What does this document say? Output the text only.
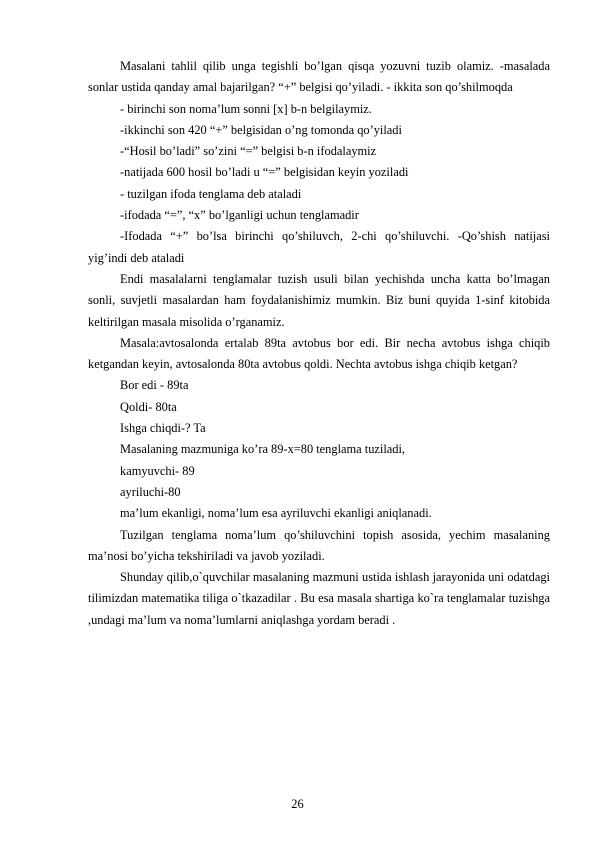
Masalani tahlil qilib unga tegishli bo’lgan qisqa yozuvni tuzib olamiz. -masalada sonlar ustida qanday amal bajarilgan? “+” belgisi qo’yiladi. - ikkita son qo’shilmoqda

- birinchi son noma’lum sonni [x] b-n belgilaymiz.

-ikkinchi son 420 “+” belgisidan o’ng tomonda qo’yiladi

-“Hosil bo’ladi” so’zini “=” belgisi b-n ifodalaymiz

-natijada 600 hosil bo’ladi u “=” belgisidan keyin yoziladi

- tuzilgan ifoda tenglama deb ataladi

-ifodada “=”, “x” bo’lganligi uchun tenglamadir

-Ifodada “+” bo’lsa birinchi qo’shiluvch, 2-chi qo’shiluvchi. -Qo’shish natijasi yig’indi deb ataladi

Endi masalalarni tenglamalar tuzish usuli bilan yechishda uncha katta bo’lmagan sonli, suvjetli masalardan ham foydalanishimiz mumkin. Biz buni quyida 1-sinf kitobida keltirilgan masala misolida o’rganamiz.

Masala:avtosalonda ertalab 89ta avtobus bor edi. Bir necha avtobus ishga chiqib ketgandan keyin, avtosalonda 80ta avtobus qoldi. Nechta avtobus ishga chiqib ketgan?

Bor edi - 89ta

Qoldi- 80ta

Ishga chiqdi-? Ta

Masalaning mazmuniga ko’ra 89-x=80 tenglama tuziladi,

kamyuvchi- 89

ayriluchi-80

ma’lum ekanligi, noma’lum esa ayriluvchi ekanligi aniqlanadi.

Tuzilgan tenglama noma’lum qo’shiluvchini topish asosida, yechim masalaning ma’nosi bo’yicha tekshiriladi va javob yoziladi.

Shunday qilib,o`quvchilar masalaning mazmuni ustida ishlash jarayonida uni odatdagi tilimizdan matematika tiliga o`tkazadilar . Bu esa masala shartiga ko`ra tenglamalar tuzishga ,undagi ma’lum va noma’lumlarni aniqlashga yordam beradi .

26
